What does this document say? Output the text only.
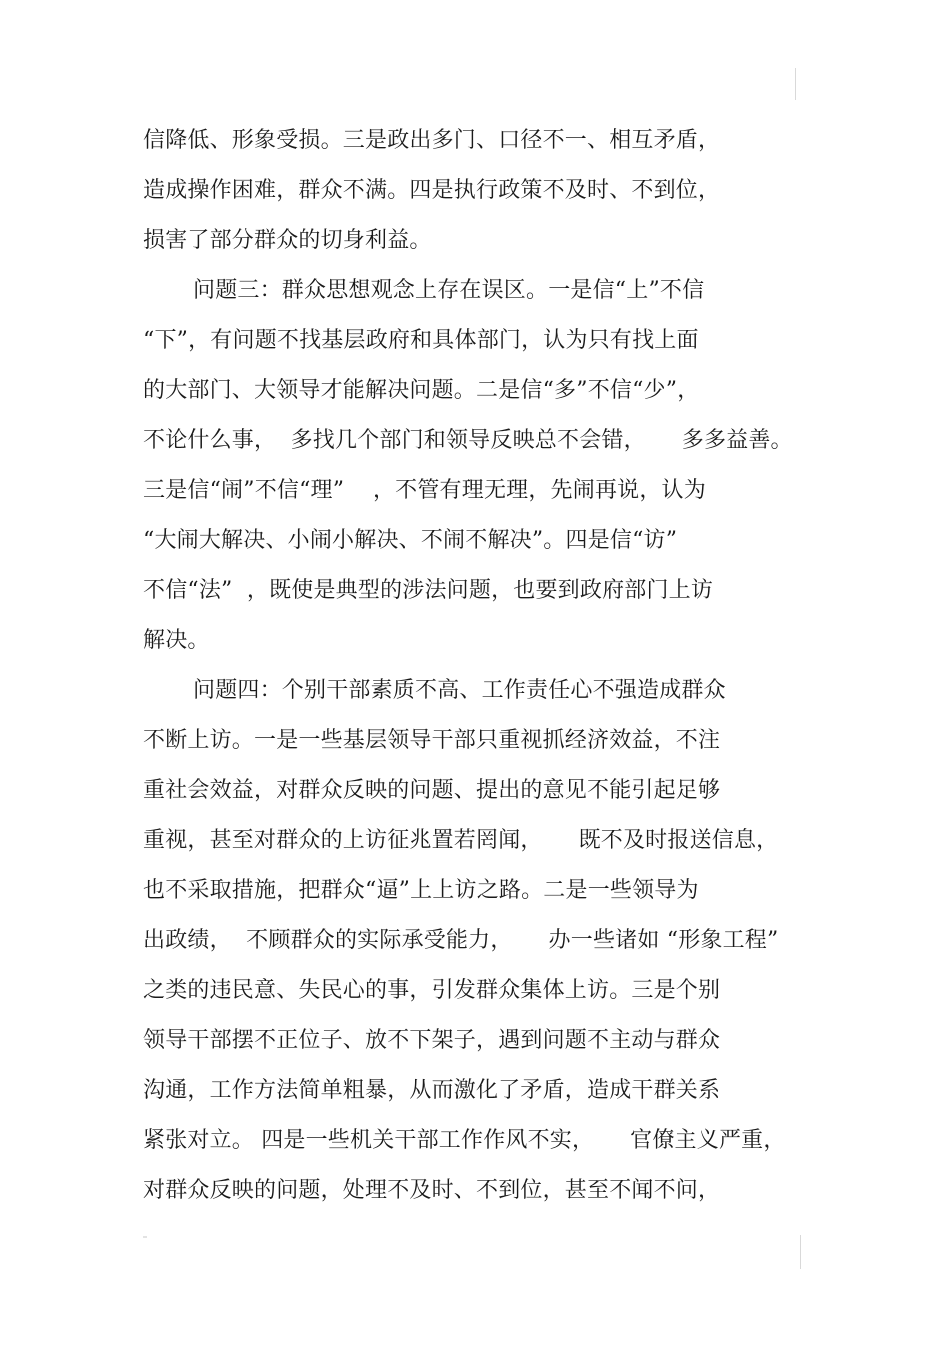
信降低、形象受损。三是政出多门、口径不一、相互矛盾，
造成操作困难，群众不满。四是执行政策不及时、不到位，
损害了部分群众的切身利益。
问题三：群众思想观念上存在误区。一是信“上”不信
“下”，有问题不找基层政府和具体部门，认为只有找上面
的大部门、大领导才能解决问题。二是信“多”不信“少”，
不论什么事，  多找几个部门和领导反映总不会错，     多多益善。
三是信“闹”不信“理”    ，不管有理无理，先闹再说，认为
“大闹大解决、小闹小解决、不闹不解决”。四是信“访”
不信“法”  ，既使是典型的涉法问题，也要到政府部门上访
解决。
问题四：个别干部素质不高、工作责任心不强造成群众
不断上访。一是一些基层领导干部只重视抓经济效益，不注
重社会效益，对群众反映的问题、提出的意见不能引起足够
重视，甚至对群众的上访征兆置若罔闻，     既不及时报送信息，
也不采取措施，把群众“逼”上上访之路。二是一些领导为
出政绩，  不顾群众的实际承受能力，     办一些诸如 “形象工程”
之类的违民意、失民心的事，引发群众集体上访。三是个别
领导干部摆不正位子、放不下架子，遇到问题不主动与群众
沟通，工作方法简单粗暴，从而激化了矛盾，造成干群关系
紧张对立。 四是一些机关干部工作作风不实，     官僚主义严重，
对群众反映的问题，处理不及时、不到位，甚至不闻不问，
